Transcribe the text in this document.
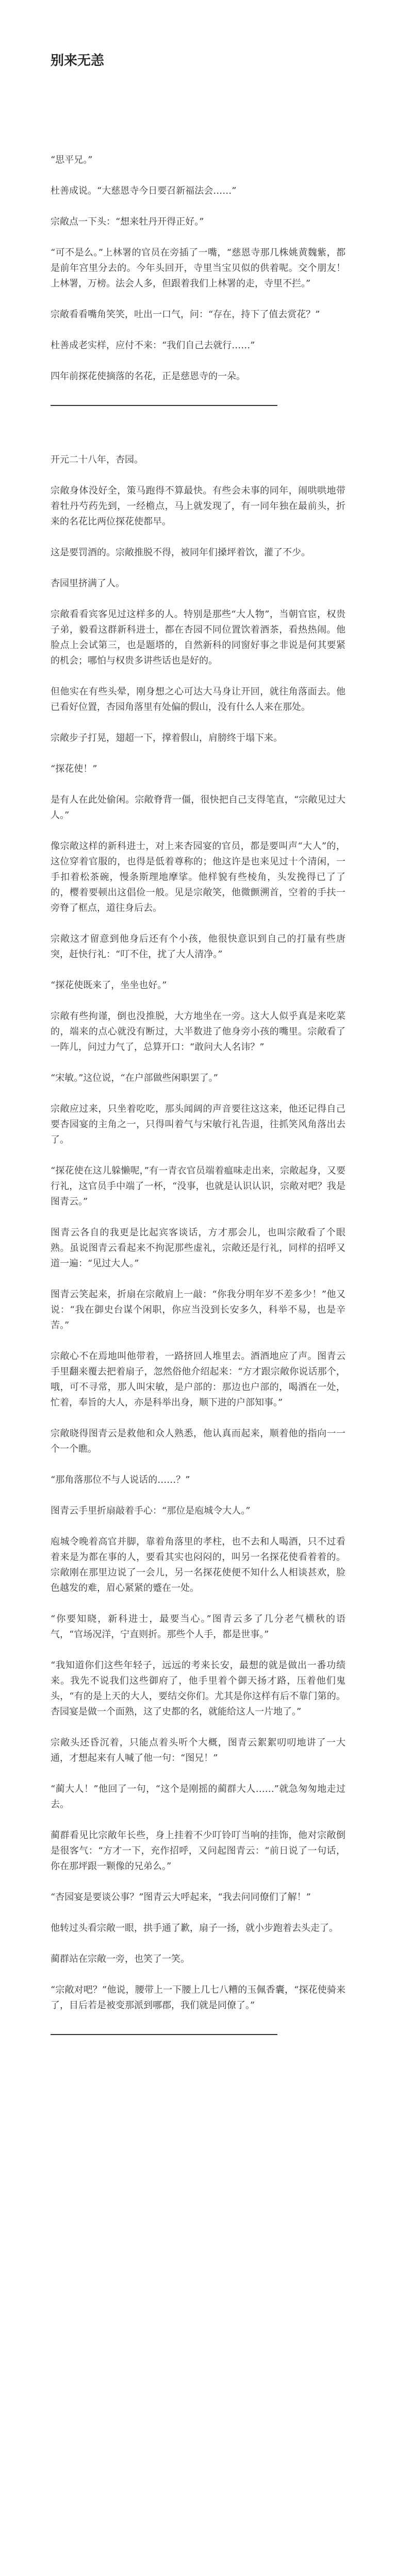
别来无恙

“思平兄。”

杜善成说。“大慈恩寺今日要召新福法会……”

宗敞点一下头：“想来牡丹开得正好。”

“可不是么。”上林署的官员在旁插了一嘴，“慈恩寺那几株姚黄魏紫，都是前年宫里分去的。今年头回开，寺里当宝贝似的供着呢。交个朋友！上林署，万榜。法会人多，但跟着我们上林署的走，寺里不拦。”

宗敞看看嘴角笑笑，吐出一口气，问：“存在，持下了值去赏花？”

杜善成老实样，应付不来：“我们自己去就行……”

四年前探花使摘落的名花，正是慈恩寺的一朵。

开元二十八年，杏园。

宗敞身体没好全，策马跑得不算最快。有些会未事的同年，闹哄哄地带着牡丹芍药先到，一经檐点，马上就发现了，有一同年独在最前头，折来的名花比两位探花使都早。

这是要罚酒的。宗敞推脱不得，被同年们搡坪着饮，灌了不少。

杏园里挤满了人。

宗敞看看宾客见过这样多的人。特别是那些“大人物”，当朝官宦，权贵子弟，毅看这群新科进士，都在杏园不同位置饮着酒茶，看热热闹。他脸点上会试第三，也是题塔的，自然新科的同窗好事之非说是何其要紧的机会；哪怕与权贵多讲些话也是好的。

但他实在有些头晕，刚身想之心可达大马身让开回，就往角落面去。他已看好位置，杏园角落里有处偏的假山，没有什么人来在那处。

宗敞步子打晃，翅超一下，撑着假山，肩膀终于塌下来。

“探花使！”

是有人在此处偷闲。宗敞脊背一僵，很快把自己支得笔直，“宗敞见过大人。”

像宗敞这样的新科进士，对上来杏园宴的官员，都是要叫声“大人”的，这位穿着官服的，也得是低着尊称的；他这许是也来见过十个清闲，一手扣着松茶碗，慢条斯理地摩挲。他样貌有些棱角，头发挽得已了了的，樱着要顿出这倡俭一般。见是宗敞笑，他微颤溯首，空着的手扶一旁脊了框点，道往身后去。

宗敞这才留意到他身后还有个小孩，他很快意识到自己的打量有些唐突，赶快行礼：“叮不住，扰了大人清净。”

“探花使既来了，坐坐也好。”

宗敞有些拘谨，倒也没推脱，大方地坐在一旁。这大人似乎真是来吃菜的，端来的点心就没有断过，大半数进了他身旁小孩的嘴里。宗敞看了一阵儿，问过力气了，总算开口：“敢问大人名讳？”

“宋敏。”这位说，“在户部做些闲职罢了。”

宗敞应过来，只坐着吃吃，那头闻阔的声音要往这这来，他还记得自己要杏园宴的主角之一，只得叫着气与宋敏行礼告退，往抓笑风角落出去了。

“探花使在这儿躲懒呢，”有一青衣官员端着瘟味走出来，宗敞起身，又要行礼，这官员手中端了一杯，“没事，也就是认识认识，宗敞对吧？我是图青云。”

图青云各自的我更是比起宾客谈话，方才那会儿，也叫宗敞看了个眼熟。虽说图青云看起来不拘泥那些虚礼，宗敞还是行礼，同样的招呼又道一遍：“见过大人。”

图青云笑起来，折扇在宗敞肩上一敲：“你我分明年岁不差多少！”他又说：“我在御史台谋个闲职，你应当没到长安多久，科举不易，也是辛苦。”

宗敞心不在焉地叫他带着，一路挤回人堆里去。酒酒地应了声。图青云手里翻来覆去把着扇子，忽然俗他介绍起来：“方才跟宗敞你说话那个，哦，可不寻常，那人叫宋敏，是户部的：那边也户部的，喝酒在一处，忙着，奉旨的大人，亦是科举出身，顺下进的户部知事。”

宗敞晓得图青云是救他和众人熟悉，他认真而起来，顺着他的指向一一个一个瞧。

“那角落那位不与人说话的……？”

图青云手里折扇敲着手心：“那位是庖城令大人。”

庖城令晚着高官并脚，靠着角落里的孝柱，也不去和人喝酒，只不过看着来是为都在事的人，要看其实也闷闷的，叫另一名探花使看着着的。宗敞刚在那里边说了一会儿，另一名探花使便不知什么人相谈甚欢，脸色越发的难，眉心紧紧的蹙在一处。

“你要知晓，新科进士，最要当心。”图青云多了几分老气横秋的语气，“官场况洋，宁直则折。那些个人手，都是世事。”

“我知道你们这些年轻子，远远的考来长安，最想的就是做出一番功绩来。我先不说我们这些御府了，他手里着个御天扬才路，压着他们鬼头，“有的是上天的大人，要结交你们。尤其是你这样有后不靠门第的。杏园宴是做一个面熟，这了史都的名，就能给这人一片地了。”

宗敞头还昏沉着，只能点着头听个大概，图青云絮絮叨叨地讲了一大通，才想起来有人喊了他一句：“图兄！”

“蔺大人！”他回了一句，“这个是刚摇的蔺群大人……”就急匆匆地走过去。

蔺群看见比宗敞年长些，身上挂着不少叮铃叮当响的挂饰，他对宗敞倒是很客气：“方才一下，充作招呼，又问起图青云：“前日说了一句话，你在那坪跟一颗像的兄弟么。”

“杏园宴是要谈公事？”图青云大呼起来，“我去问同僚们了解！”

他转过头看宗敞一眼，拱手通了歉，扇子一扬，就小步跑着去头走了。

蔺群站在宗敞一旁，也笑了一笑。

“宗敞对吧？”他说，腰带上一下腰上几七八糟的玉佩香囊，“探花使骑来了，目后若是被变那派到哪郡，我们就是同僚了。”
